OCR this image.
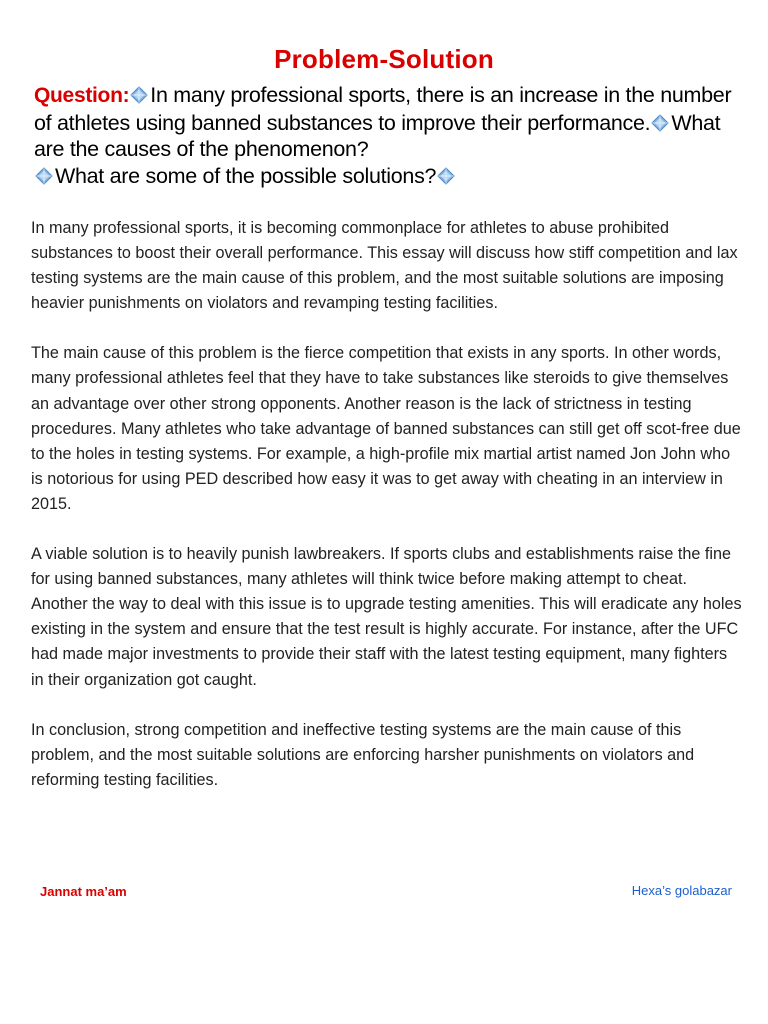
Problem-Solution
Question: In many professional sports, there is an increase in the number of athletes using banned substances to improve their performance. What are the causes of the phenomenon?
What are some of the possible solutions?

In many professional sports, it is becoming commonplace for athletes to abuse prohibited substances to boost their overall performance. This essay will discuss how stiff competition and lax testing systems are the main cause of this problem, and the most suitable solutions are imposing heavier punishments on violators and revamping testing facilities.

The main cause of this problem is the fierce competition that exists in any sports. In other words, many professional athletes feel that they have to take substances like steroids to give themselves an advantage over other strong opponents. Another reason is the lack of strictness in testing procedures. Many athletes who take advantage of banned substances can still get off scot-free due to the holes in testing systems. For example, a high-profile mix martial artist named Jon John who is notorious for using PED described how easy it was to get away with cheating in an interview in 2015.

A viable solution is to heavily punish lawbreakers. If sports clubs and establishments raise the fine for using banned substances, many athletes will think twice before making attempt to cheat. Another the way to deal with this issue is to upgrade testing amenities. This will eradicate any holes existing in the system and ensure that the test result is highly accurate. For instance, after the UFC had made major investments to provide their staff with the latest testing equipment, many fighters in their organization got caught.

In conclusion, strong competition and ineffective testing systems are the main cause of this problem, and the most suitable solutions are enforcing harsher punishments on violators and reforming testing facilities.

Jannat ma’am	Hexa’s golabazar
